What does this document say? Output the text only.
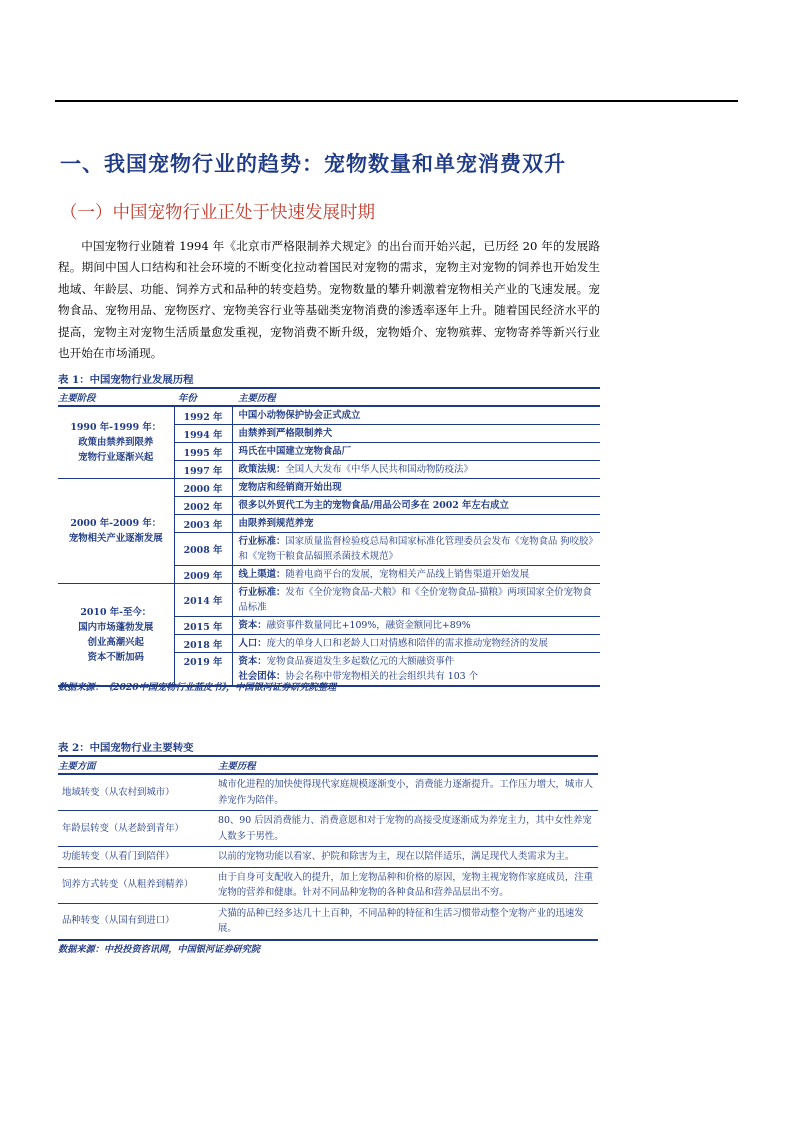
一、我国宠物行业的趋势：宠物数量和单宠消费双升
（一）中国宠物行业正处于快速发展时期
中国宠物行业随着 1994 年《北京市严格限制养犬规定》的出台而开始兴起，已历经 20 年的发展路程。期间中国人口结构和社会环境的不断变化拉动着国民对宠物的需求，宠物主对宠物的饲养也开始发生地域、年龄层、功能、饲养方式和品种的转变趋势。宠物数量的攀升刺激着宠物相关产业的飞速发展。宠物食品、宠物用品、宠物医疗、宠物美容行业等基础类宠物消费的渗透率逐年上升。随着国民经济水平的提高，宠物主对宠物生活质量愈发重视，宠物消费不断升级，宠物婚介、宠物殡葬、宠物寄养等新兴行业也开始在市场涌现。
表 1：中国宠物行业发展历程
主要阶段	年份	主要历程
1990 年-1999 年：
政策由禁养到限养
宠物行业逐渐兴起	1992 年	中国小动物保护协会正式成立
	1994 年	由禁养到严格限制养犬
	1995 年	玛氏在中国建立宠物食品厂
	1997 年	政策法规：全国人大发布《中华人民共和国动物防疫法》
2000 年-2009 年：
宠物相关产业逐渐发展	2000 年	宠物店和经销商开始出现
	2002 年	很多以外贸代工为主的宠物食品/用品公司多在 2002 年左右成立
	2003 年	由限养到规范养宠
	2008 年	行业标准：国家质量监督检验疫总局和国家标准化管理委员会发布《宠物食品 狗咬胶》和《宠物干粮食品辐照杀菌技术规范》
	2009 年	线上渠道：随着电商平台的发展，宠物相关产品线上销售渠道开始发展
2010 年-至今：
国内市场蓬勃发展
创业高潮兴起
资本不断加码	2014 年	行业标准：发布《全价宠物食品-犬粮》和《全价宠物食品-猫粮》两项国家全价宠物食品标准
	2015 年	资本：融资事件数量同比+109%，融资金额同比+89%
	2018 年	人口：庞大的单身人口和老龄人口对情感和陪伴的需求推动宠物经济的发展
	2019 年	资本：宠物食品赛道发生多起数亿元的大额融资事件
社会团体：协会名称中带宠物相关的社会组织共有 103 个
数据来源：《2020中国宠物行业蓝皮书》，中国银河证券研究院整理
表 2：中国宠物行业主要转变
主要方面	主要历程
地域转变（从农村到城市）	城市化进程的加快使得现代家庭规模逐渐变小，消费能力逐渐提升。工作压力增大，城市人养宠作为陪伴。
年龄层转变（从老龄到青年）	80、90 后因消费能力、消费意愿和对于宠物的高接受度逐渐成为养宠主力，其中女性养宠人数多于男性。
功能转变（从看门到陪伴）	以前的宠物功能以看家、护院和除害为主，现在以陪伴适乐，满足现代人类需求为主。
饲养方式转变（从粗养到精养）	由于自身可支配收入的提升，加上宠物品种和价格的原因，宠物主视宠物作家庭成员，注重宠物的营养和健康。针对不同品种宠物的各种食品和营养品层出不穷。
品种转变（从国有到进口）	犬猫的品种已经多达几十上百种，不同品种的特征和生活习惯带动整个宠物产业的迅速发展。
数据来源：中投投资咨讯网，中国银河证券研究院
